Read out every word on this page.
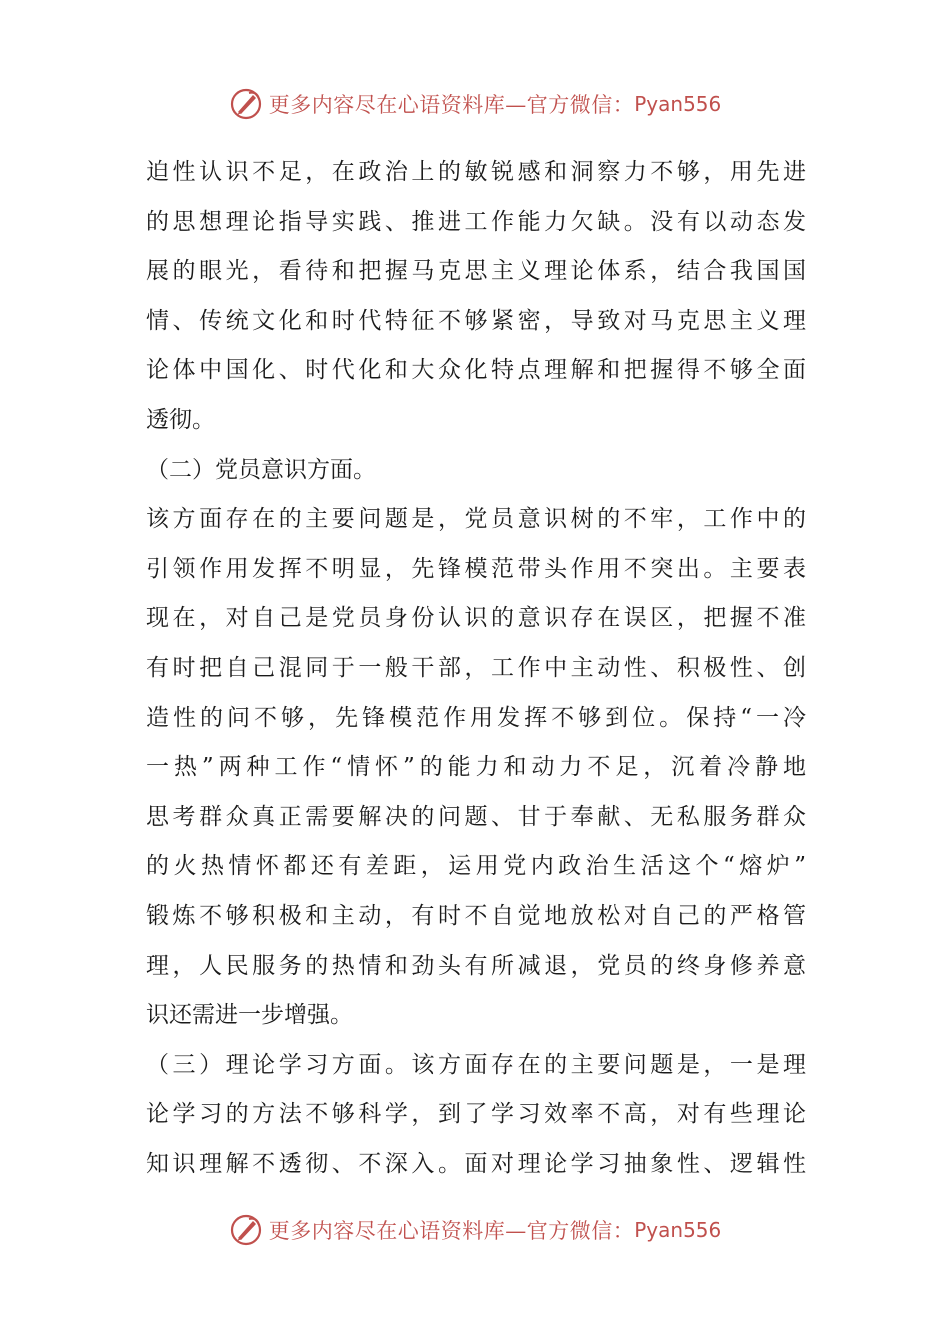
更多内容尽在心语资料库—官方微信： Pyan556
迫性认识不足，在政治上的敏锐感和洞察力不够，用先进
的思想理论指导实践、推进工作能力欠缺。没有以动态发
展的眼光，看待和把握马克思主义理论体系，结合我国国
情、传统文化和时代特征不够紧密，导致对马克思主义理
论体中国化、时代化和大众化特点理解和把握得不够全面
透彻。
（二）党员意识方面。
该方面存在的主要问题是，党员意识树的不牢，工作中的
引领作用发挥不明显，先锋模范带头作用不突出。主要表
现在，对自己是党员身份认识的意识存在误区，把握不准
有时把自己混同于一般干部，工作中主动性、积极性、创
造性的问不够，先锋模范作用发挥不够到位。保持“一冷
一热”两种工作“情怀”的能力和动力不足，沉着冷静地
思考群众真正需要解决的问题、甘于奉献、无私服务群众
的火热情怀都还有差距，运用党内政治生活这个“熔炉”
锻炼不够积极和主动，有时不自觉地放松对自己的严格管
理，人民服务的热情和劲头有所减退，党员的终身修养意
识还需进一步增强。
（三）理论学习方面。该方面存在的主要问题是，一是理
论学习的方法不够科学，到了学习效率不高，对有些理论
知识理解不透彻、不深入。面对理论学习抽象性、逻辑性
更多内容尽在心语资料库—官方微信： Pyan556
